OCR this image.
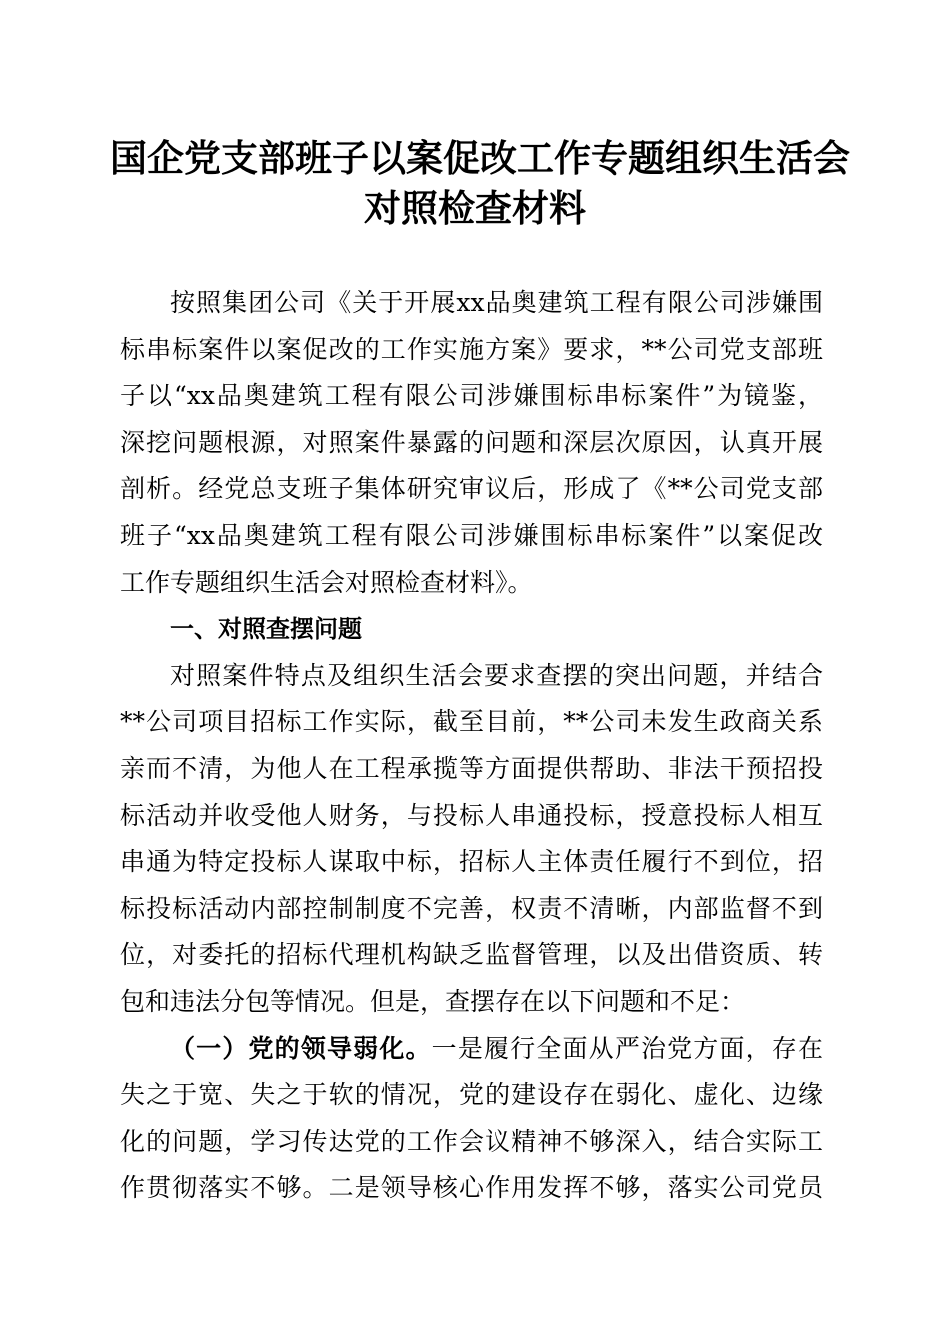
国企党支部班子以案促改工作专题组织生活会
对照检查材料
按照集团公司《关于开展xx品奥建筑工程有限公司涉嫌围
标串标案件以案促改的工作实施方案》要求，**公司党支部班
子以“xx品奥建筑工程有限公司涉嫌围标串标案件”为镜鉴，
深挖问题根源，对照案件暴露的问题和深层次原因，认真开展
剖析。经党总支班子集体研究审议后，形成了《**公司党支部
班子“xx品奥建筑工程有限公司涉嫌围标串标案件”以案促改
工作专题组织生活会对照检查材料》。
一、对照查摆问题
对照案件特点及组织生活会要求查摆的突出问题，并结合
**公司项目招标工作实际，截至目前，**公司未发生政商关系
亲而不清，为他人在工程承揽等方面提供帮助、非法干预招投
标活动并收受他人财务，与投标人串通投标，授意投标人相互
串通为特定投标人谋取中标，招标人主体责任履行不到位，招
标投标活动内部控制制度不完善，权责不清晰，内部监督不到
位，对委托的招标代理机构缺乏监督管理，以及出借资质、转
包和违法分包等情况。但是，查摆存在以下问题和不足：
（一）党的领导弱化。一是履行全面从严治党方面，存在
失之于宽、失之于软的情况，党的建设存在弱化、虚化、边缘
化的问题，学习传达党的工作会议精神不够深入，结合实际工
作贯彻落实不够。二是领导核心作用发挥不够，落实公司党员
